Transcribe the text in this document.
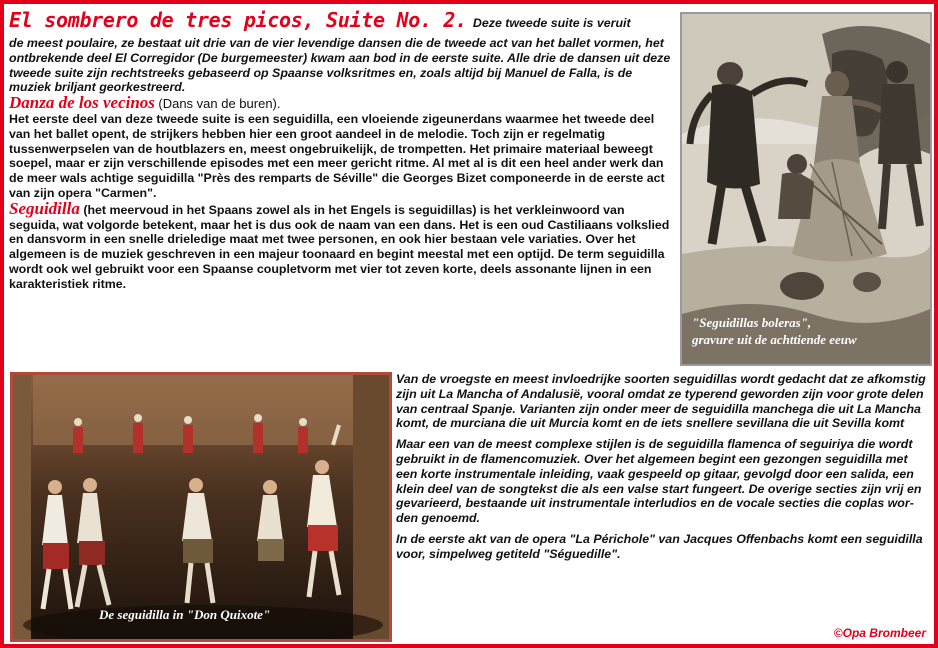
El sombrero de tres picos, Suite No. 2. Deze tweede suite is veruit

de meest poulaire, ze bestaat uit drie van de vier levendige dansen die de tweede act van het ballet vormen, het ontbrekende deel El Corregidor (De burgemeester) kwam aan bod in de eerste suite. Alle drie de dansen uit deze tweede suite zijn rechtstreeks gebaseerd op Spaanse volksritmes en, zoals altijd bij Manuel de Falla, is de muziek briljant georkestreerd.

Danza de los vecinos (Dans van de buren).

Het eerste deel van deze tweede suite is een seguidilla, een vloeiende zigeunerdans waarmee het tweede deel van het ballet opent, de strijkers hebben hier een groot aandeel in de melodie. Toch zijn er regelmatig tussenwerpselen van de houtblazers en, meest ongebruikelijk, de trompetten. Het primaire materiaal beweegt soepel, maar er zijn verschillende episodes met een meer gericht ritme. Al met al is dit een heel ander werk dan de meer wals achtige seguidilla "Près des remparts de Séville" die Georges Bizet componeerde in de eerste act van zijn opera "Carmen".

Seguidilla (het meervoud in het Spaans zowel als in het Engels is seguidillas) is het verkleinwoord van seguida, wat volgorde betekent, maar het is dus ook de naam van een dans. Het is een oud Castiliaans volkslied en dansvorm in een snelle drieledige maat met twee personen, en ook hier bestaan vele variaties. Over het algemeen is de muziek geschreven in een majeur toonaard en begint meestal met een optijd. De term seguidilla wordt ook wel gebruikt voor een Spaanse coupletvorm met vier tot zeven korte, deels assonante lijnen in een karakteristiek ritme.

"Seguidillas boleras",
gravure uit de achttiende eeuw
De seguidilla in "Don Quixote"

Van de vroegste en meest invloedrijke soorten seguidillas wordt gedacht dat ze afkomstig zijn uit La Mancha of Andalusië, vooral omdat ze typerend geworden zijn voor grote delen van centraal Spanje. Varianten zijn onder meer de seguidilla manchega die uit La Mancha komt, de murciana die uit Murcia komt en de iets snellere sevillana die uit Sevilla komt

Maar een van de meest complexe stijlen is de seguidilla flamenca of seguiriya die wordt gebruikt in de flamencomuziek. Over het algemeen begint een gezongen seguidilla met een korte instrumentale inleiding, vaak gespeeld op gitaar, gevolgd door een salida, een klein deel van de songtekst die als een valse start fungeert. De overige secties zijn vrij en gevarieerd, bestaande uit instrumentale interludios en de vocale secties die coplas worden genoemd.

In de eerste akt van de opera "La Périchole" van Jacques Offenbachs komt een seguidilla voor, simpelweg getiteld "Séguedille".

©Opa Brombeer
